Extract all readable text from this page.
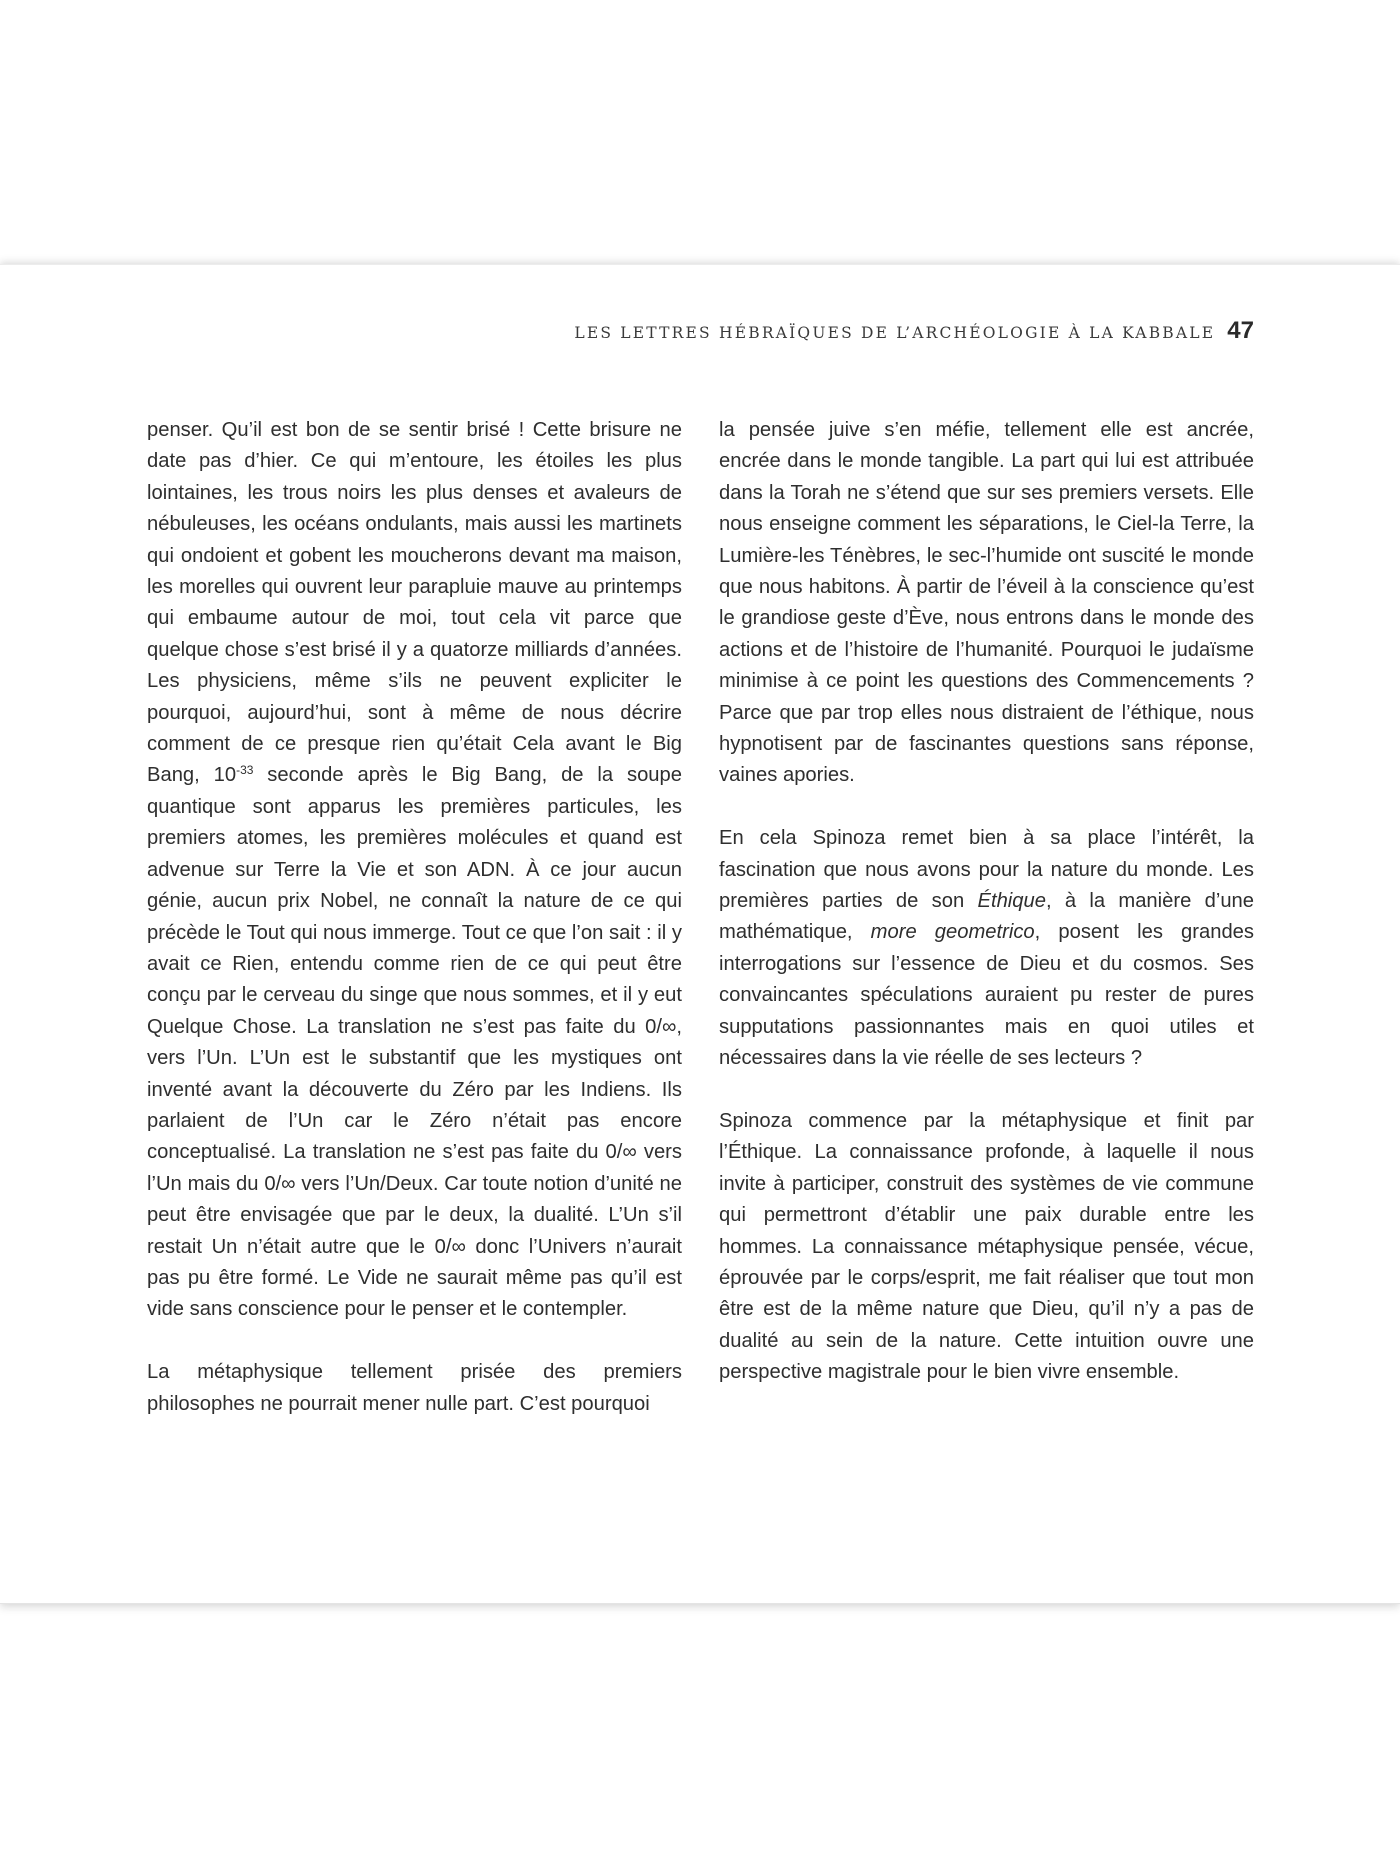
LES LETTRES HÉBRAÏQUES DE L’ARCHÉOLOGIE À LA KABBALE 47

penser. Qu’il est bon de se sentir brisé ! Cette brisure ne date pas d’hier. Ce qui m’entoure, les étoiles les plus lointaines, les trous noirs les plus denses et avaleurs de nébuleuses, les océans ondulants, mais aussi les martinets qui ondoient et gobent les moucherons devant ma maison, les morelles qui ouvrent leur parapluie mauve au printemps qui embaume autour de moi, tout cela vit parce que quelque chose s’est brisé il y a quatorze milliards d’années. Les physiciens, même s’ils ne peuvent expliciter le pourquoi, aujourd’hui, sont à même de nous décrire comment de ce presque rien qu’était Cela avant le Big Bang, $10^{-33}$ seconde après le Big Bang, de la soupe quantique sont apparus les premières particules, les premiers atomes, les premières molécules et quand est advenue sur Terre la Vie et son ADN. À ce jour aucun génie, aucun prix Nobel, ne connaît la nature de ce qui précède le Tout qui nous immerge. Tout ce que l’on sait : il y avait ce Rien, entendu comme rien de ce qui peut être conçu par le cerveau du singe que nous sommes, et il y eut Quelque Chose. La translation ne s’est pas faite du 0/∞, vers l’Un. L’Un est le substantif que les mystiques ont inventé avant la découverte du Zéro par les Indiens. Ils parlaient de l’Un car le Zéro n’était pas encore conceptualisé. La translation ne s’est pas faite du 0/∞ vers l’Un mais du 0/∞ vers l’Un/Deux. Car toute notion d’unité ne peut être envisagée que par le deux, la dualité. L’Un s’il restait Un n’était autre que le 0/∞ donc l’Univers n’aurait pas pu être formé. Le Vide ne saurait même pas qu’il est vide sans conscience pour le penser et le contempler.

La métaphysique tellement prisée des premiers philosophes ne pourrait mener nulle part. C’est pourquoi

la pensée juive s’en méfie, tellement elle est ancrée, encrée dans le monde tangible. La part qui lui est attribuée dans la Torah ne s’étend que sur ses premiers versets. Elle nous enseigne comment les séparations, le Ciel-la Terre, la Lumière-les Ténèbres, le sec-l’humide ont suscité le monde que nous habitons. À partir de l’éveil à la conscience qu’est le grandiose geste d’Ève, nous entrons dans le monde des actions et de l’histoire de l’humanité. Pourquoi le judaïsme minimise à ce point les questions des Commencements ? Parce que par trop elles nous distraient de l’éthique, nous hypnotisent par de fascinantes questions sans réponse, vaines apories.

En cela Spinoza remet bien à sa place l’intérêt, la fascination que nous avons pour la nature du monde. Les premières parties de son Éthique, à la manière d’une mathématique, more geometrico, posent les grandes interrogations sur l’essence de Dieu et du cosmos. Ses convaincantes spéculations auraient pu rester de pures supputations passionnantes mais en quoi utiles et nécessaires dans la vie réelle de ses lecteurs ?

Spinoza commence par la métaphysique et finit par l’Éthique. La connaissance profonde, à laquelle il nous invite à participer, construit des systèmes de vie commune qui permettront d’établir une paix durable entre les hommes. La connaissance métaphysique pensée, vécue, éprouvée par le corps/esprit, me fait réaliser que tout mon être est de la même nature que Dieu, qu’il n’y a pas de dualité au sein de la nature. Cette intuition ouvre une perspective magistrale pour le bien vivre ensemble.
